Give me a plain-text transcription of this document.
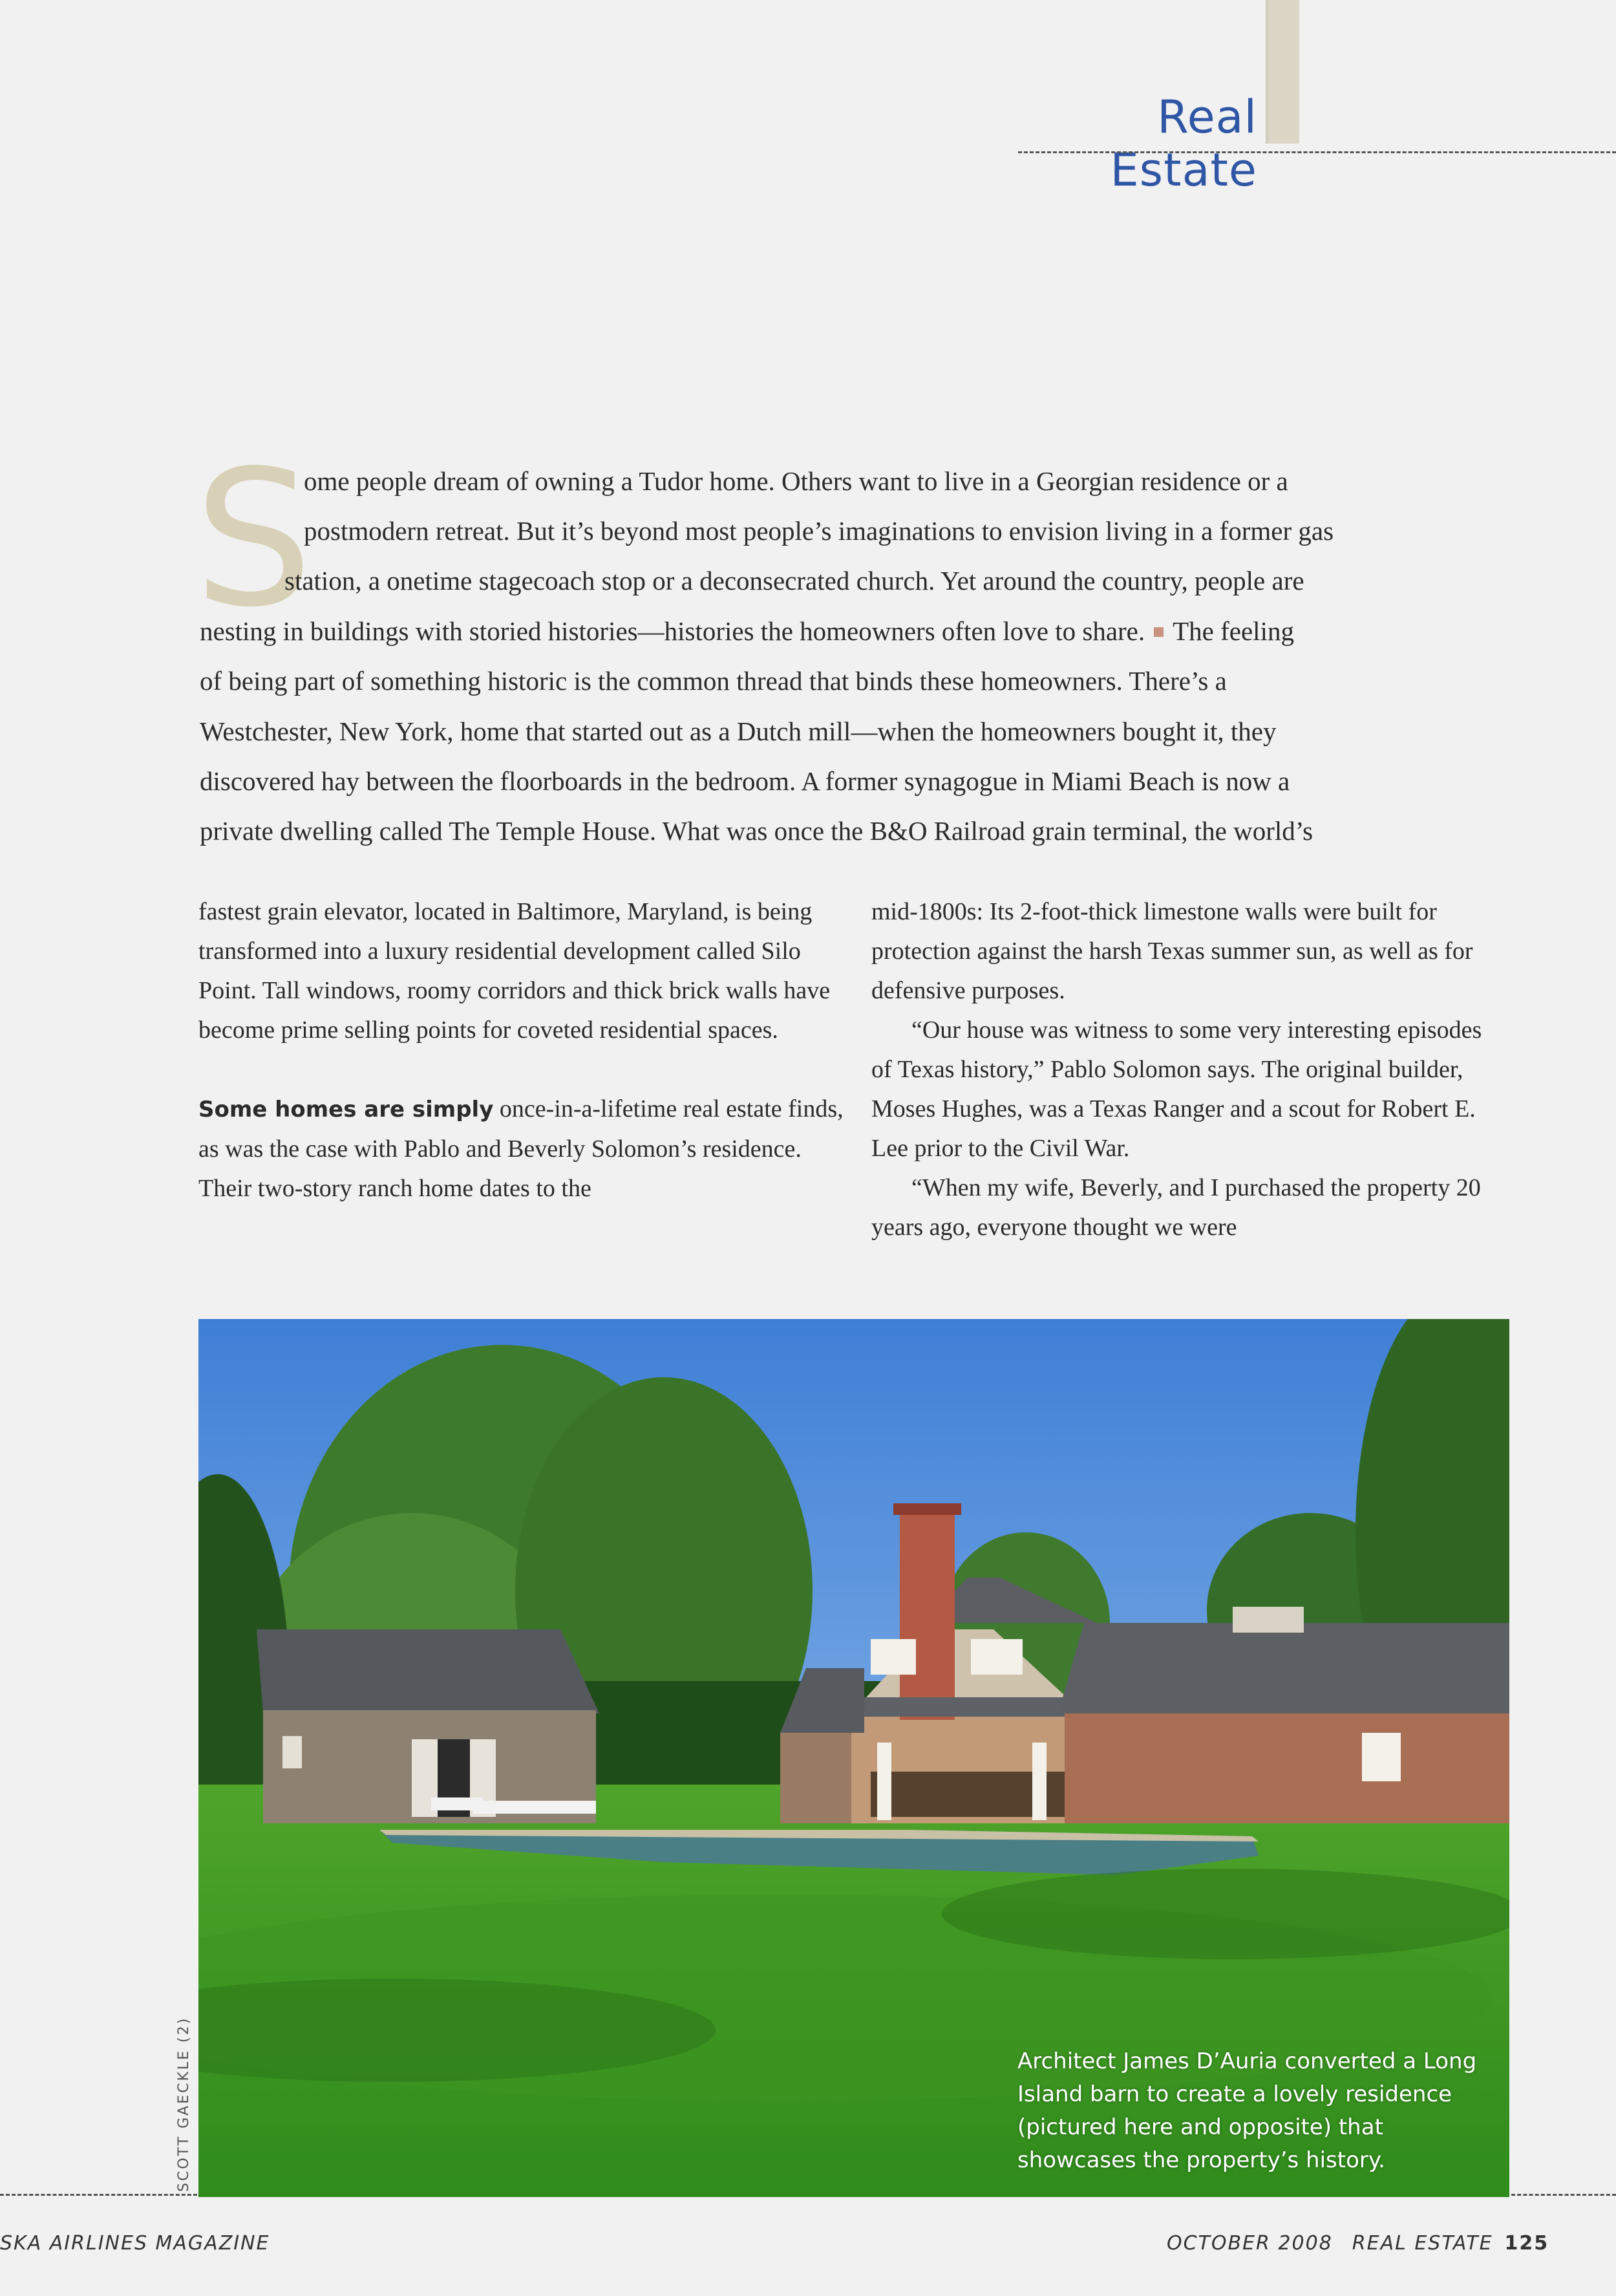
Real Estate
S
ome people dream of owning a Tudor home. Others want to live in a Georgian residence or a
postmodern retreat. But it’s beyond most people’s imaginations to envision living in a former gas
station, a onetime stagecoach stop or a deconsecrated church. Yet around the country, people are
nesting in buildings with storied histories—histories the homeowners often love to share. The feeling
of being part of something historic is the common thread that binds these homeowners. There’s a
Westchester, New York, home that started out as a Dutch mill—when the homeowners bought it, they
discovered hay between the floorboards in the bedroom. A former synagogue in Miami Beach is now a
private dwelling called The Temple House. What was once the B&O Railroad grain terminal, the world’s

fastest grain elevator, located in Baltimore, Maryland, is being transformed into a luxury residential development called Silo Point. Tall windows, roomy corridors and thick brick walls have become prime selling points for coveted residential spaces.

Some homes are simply once-in-a-lifetime real estate finds, as was the case with Pablo and Beverly Solomon’s residence. Their two-story ranch home dates to the

mid-1800s: Its 2-foot-thick limestone walls were built for protection against the harsh Texas summer sun, as well as for defensive purposes.

“Our house was witness to some very interesting episodes of Texas history,” Pablo Solomon says. The original builder, Moses Hughes, was a Texas Ranger and a scout for Robert E. Lee prior to the Civil War.

“When my wife, Beverly, and I purchased the property 20 years ago, everyone thought we were

Architect James D’Auria converted a Long Island barn to create a lovely residence (pictured here and opposite) that showcases the property’s history.
SCOTT GAECKLE (2)
SKA AIRLINES MAGAZINE	OCTOBER 2008 REAL ESTATE 125
